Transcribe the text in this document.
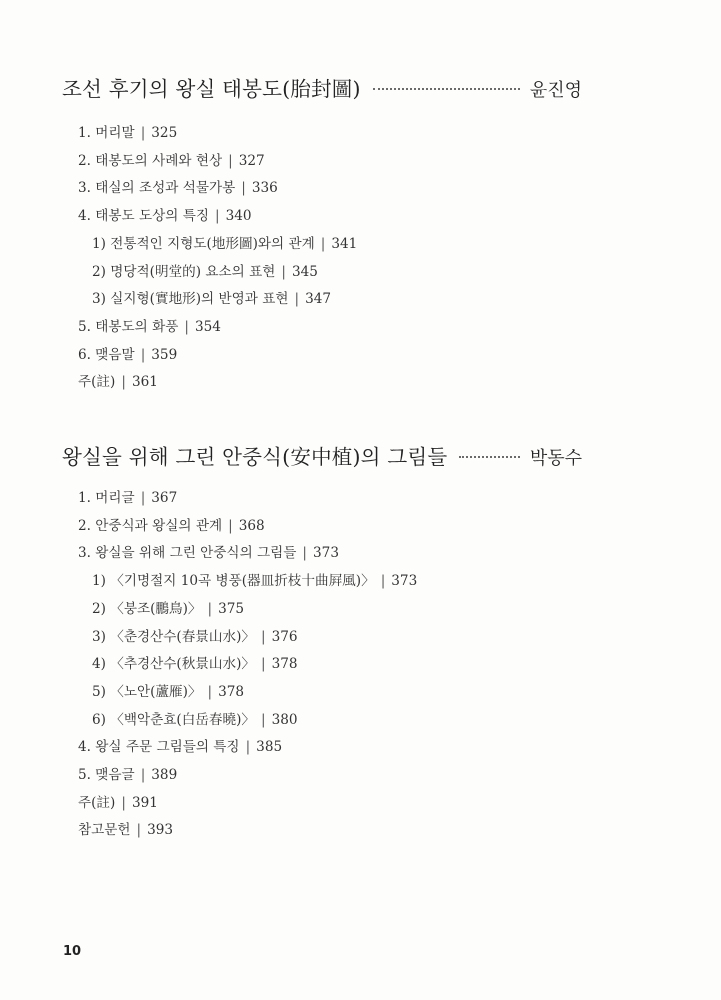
조선 후기의 왕실 태봉도(胎封圖)	윤진영
1. 머리말 | 325
2. 태봉도의 사례와 현상 | 327
3. 태실의 조성과 석물가봉 | 336
4. 태봉도 도상의 특징 | 340
1) 전통적인 지형도(地形圖)와의 관계 | 341
2) 명당적(明堂的) 요소의 표현 | 345
3) 실지형(實地形)의 반영과 표현 | 347
5. 태봉도의 화풍 | 354
6. 맺음말 | 359
주(註) | 361
왕실을 위해 그린 안중식(安中植)의 그림들	박동수
1. 머리글 | 367
2. 안중식과 왕실의 관계 | 368
3. 왕실을 위해 그린 안중식의 그림들 | 373
1) 〈기명절지 10곡 병풍(器皿折枝十曲屛風)〉 | 373
2) 〈붕조(鵬鳥)〉 | 375
3) 〈춘경산수(春景山水)〉 | 376
4) 〈추경산수(秋景山水)〉 | 378
5) 〈노안(蘆雁)〉 | 378
6) 〈백악춘효(白岳春曉)〉 | 380
4. 왕실 주문 그림들의 특징 | 385
5. 맺음글 | 389
주(註) | 391
참고문헌 | 393
10
